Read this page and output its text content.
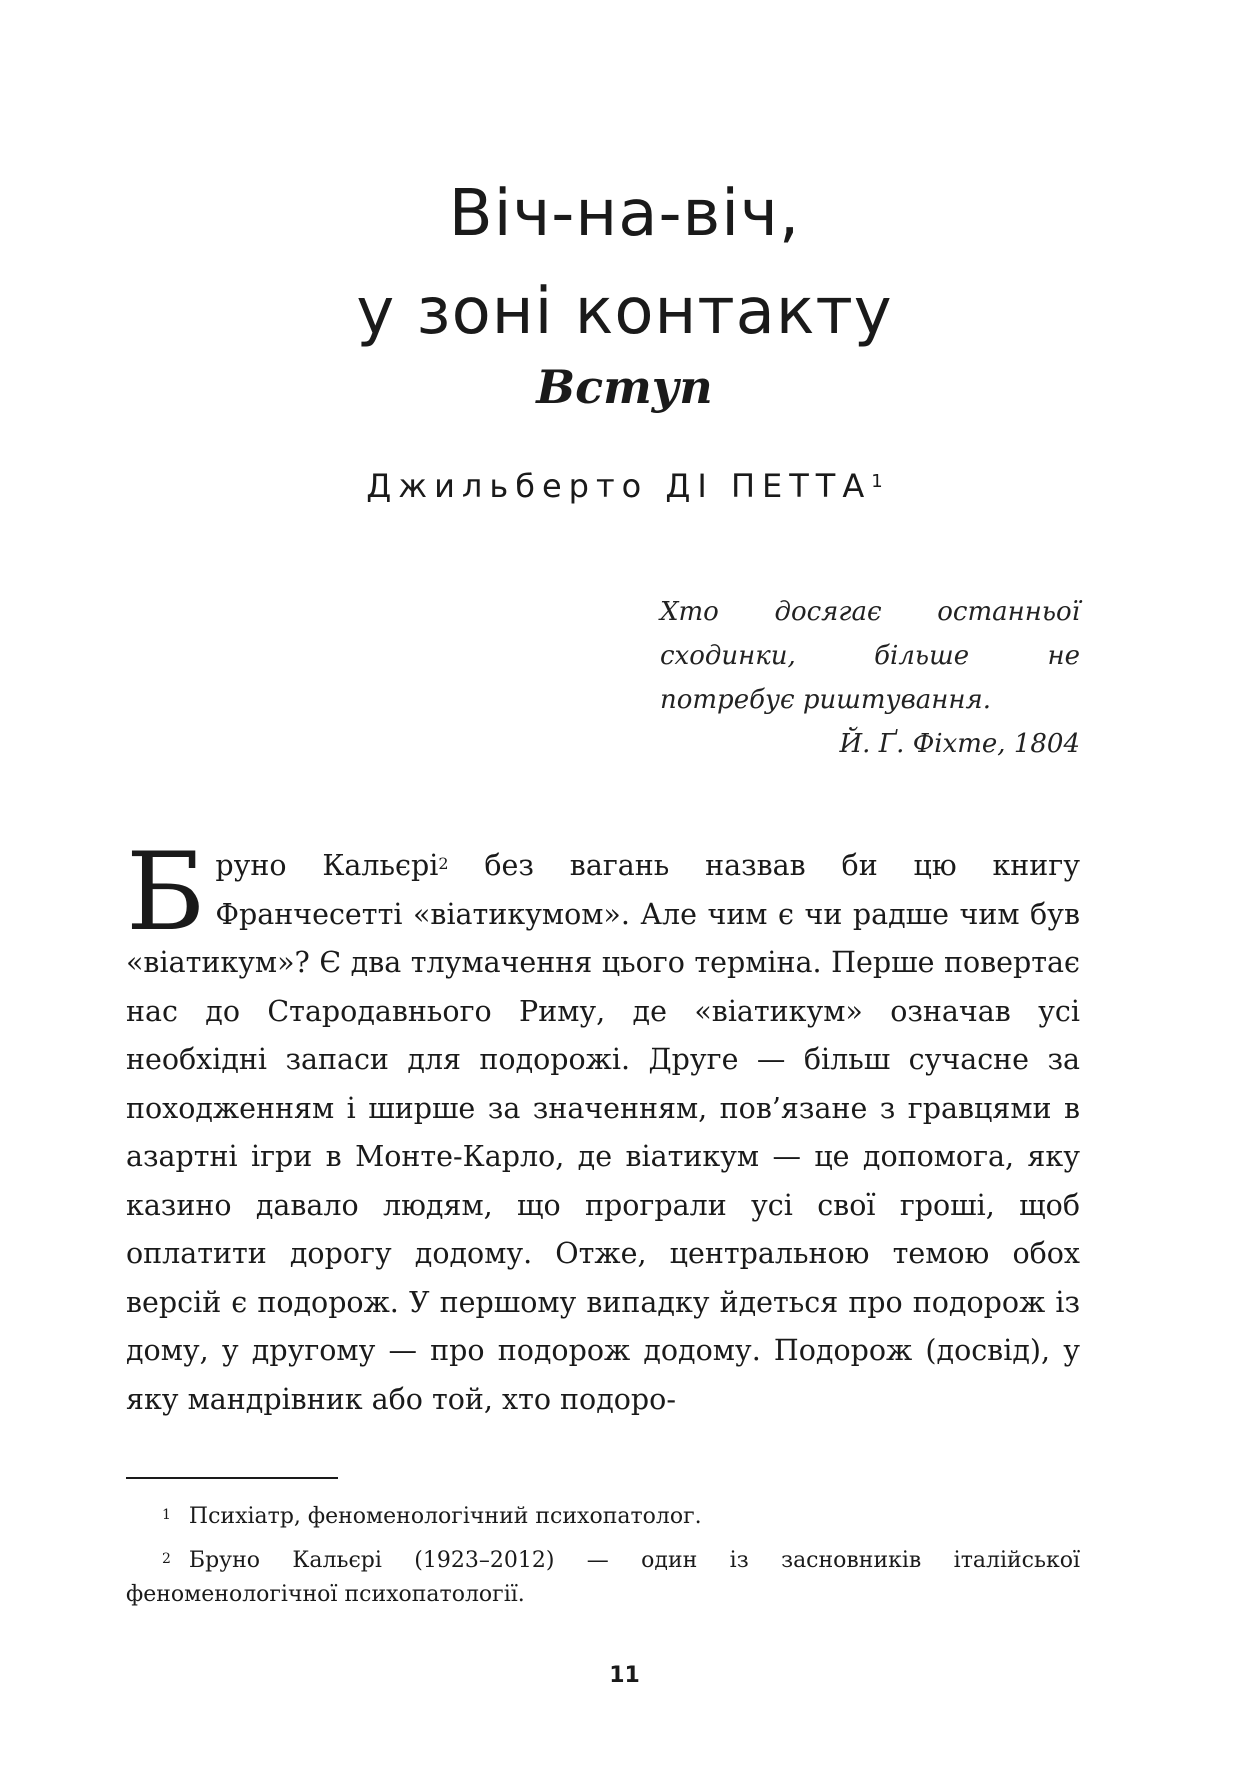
Віч-на-віч,
у зоні контакту
Вступ
Джильберто ДІ ПЕТТА$^1$
Хто досягає останньої сходинки, більше не потребує риштування.
Й. Ґ. Фіхте, 1804
Бруно Кальєрі$^2$ без вагань назвав би цю книгу Франчесетті «віатикумом». Але чим є чи радше чим був «віатикум»? Є два тлумачення цього терміна. Перше повертає нас до Стародавнього Риму, де «віатикум» означав усі необхідні запаси для подорожі. Друге — більш сучасне за походженням і ширше за значенням, пов’язане з гравцями в азартні ігри в Монте-Карло, де віатикум — це допомога, яку казино давало людям, що програли усі свої гроші, щоб оплатити дорогу додому. Отже, центральною темою обох версій є подорож. У першому випадку йдеться про подорож із дому, у другому — про подорож додому. Подорож (досвід), у яку мандрівник або той, хто подоро-

$^1$ Психіатр, феноменологічний психопатолог.

$^2$ Бруно Кальєрі (1923–2012) — один із засновників італійської феноменологічної психопатології.

11
